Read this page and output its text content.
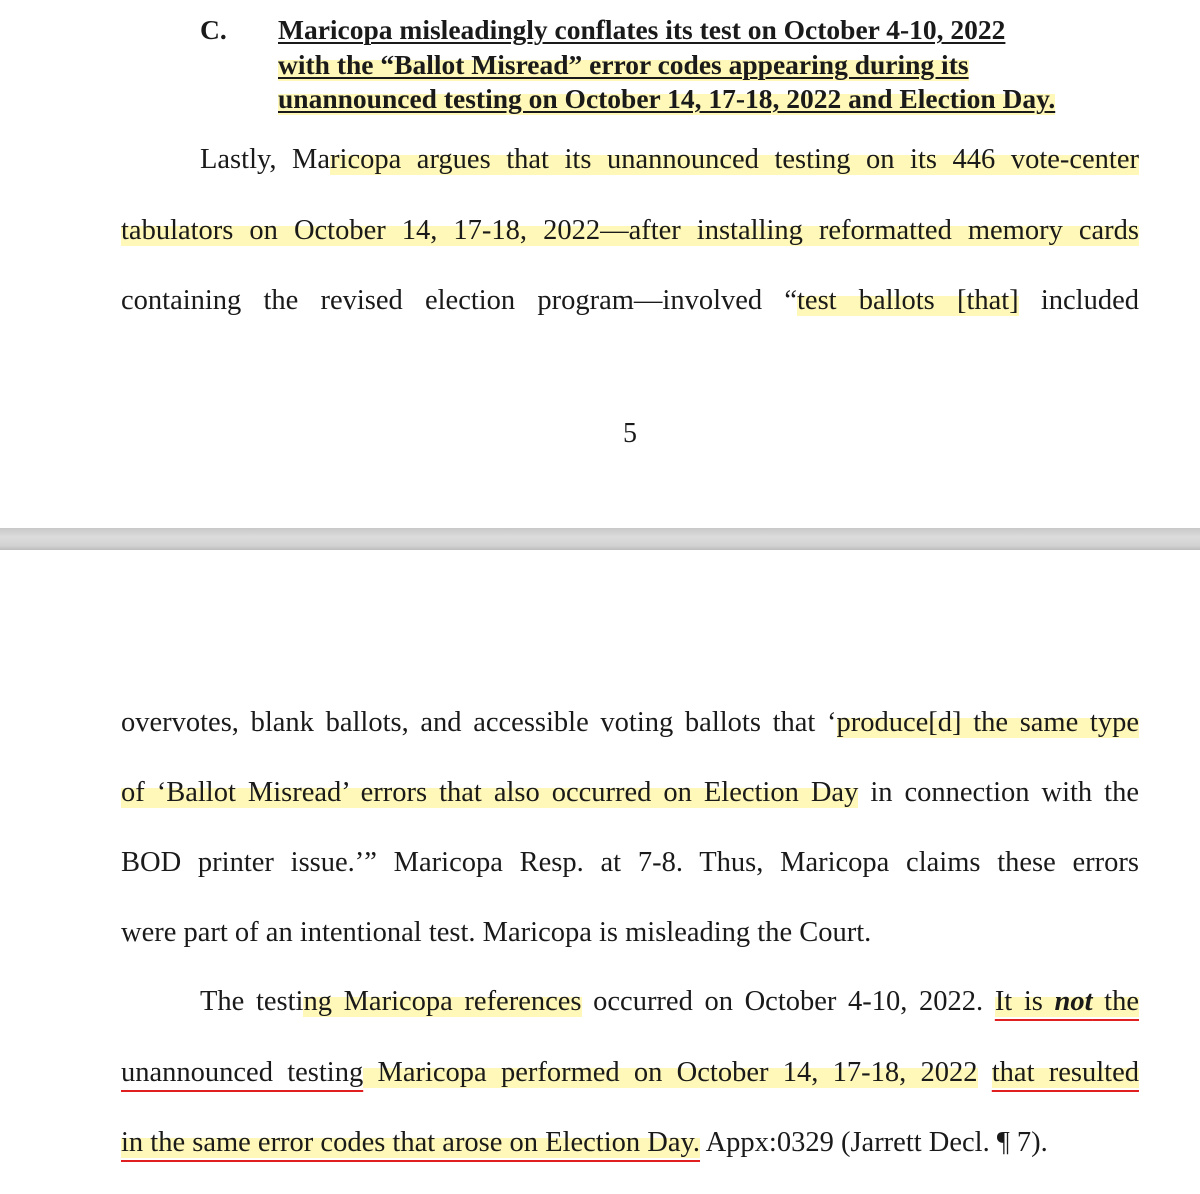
C. Maricopa misleadingly conflates its test on October 4-10, 2022
with the “Ballot Misread” error codes appearing during its
unannounced testing on October 14, 17-18, 2022 and Election Day.
Lastly, Maricopa argues that its unannounced testing on its 446 vote-center
tabulators on October 14, 17-18, 2022—after installing reformatted memory cards
containing the revised election program—involved “test ballots [that] included
5
overvotes, blank ballots, and accessible voting ballots that ‘produce[d] the same type
of ‘Ballot Misread’ errors that also occurred on Election Day in connection with the
BOD printer issue.’” Maricopa Resp. at 7-8. Thus, Maricopa claims these errors
were part of an intentional test. Maricopa is misleading the Court.
The testing Maricopa references occurred on October 4-10, 2022. It is not the
unannounced testing Maricopa performed on October 14, 17-18, 2022 that resulted
in the same error codes that arose on Election Day. Appx:0329 (Jarrett Decl. ¶ 7).
